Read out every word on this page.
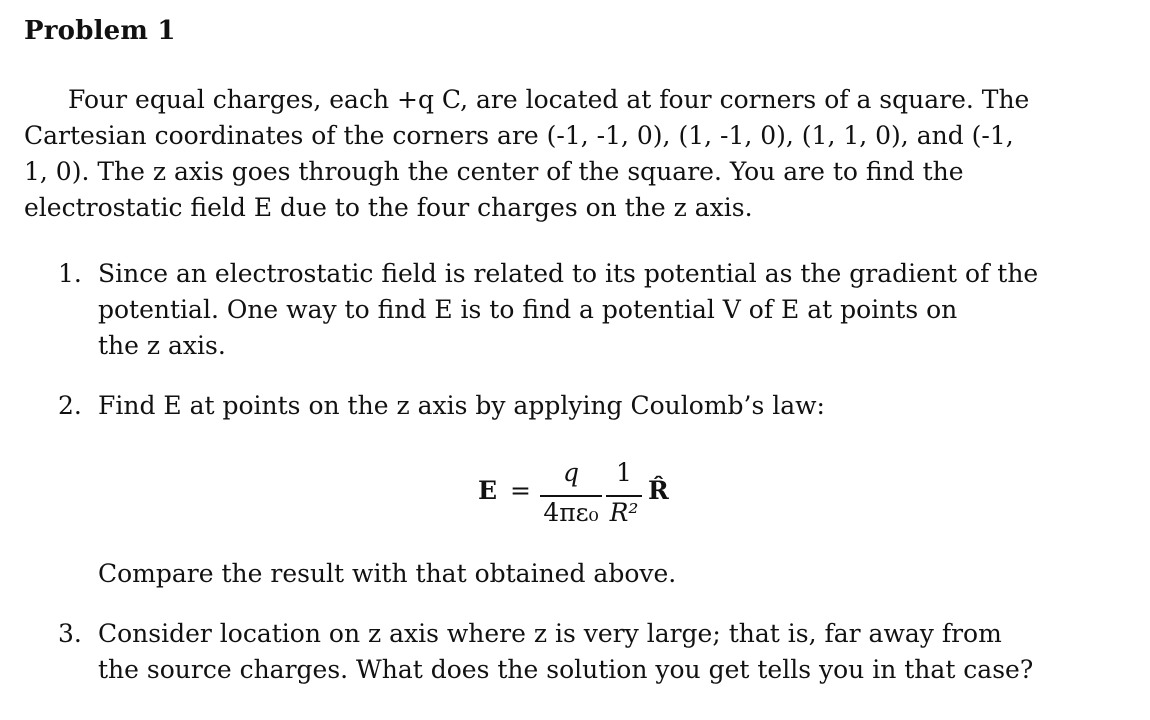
Problem 1
Four equal charges, each +q C, are located at four corners of a square. The
Cartesian coordinates of the corners are (-1, -1, 0), (1, -1, 0), (1, 1, 0), and (-1,
1, 0). The z axis goes through the center of the square. You are to find the
electrostatic field E due to the four charges on the z axis.
1. Since an electrostatic field is related to its potential as the gradient of the
potential. One way to find E is to find a potential V of E at points on
the z axis.
2. Find E at points on the z axis by applying Coulomb’s law:
E =
q
4πε₀
1
R²
R̂
Compare the result with that obtained above.
3. Consider location on z axis where z is very large; that is, far away from
the source charges. What does the solution you get tells you in that case?
